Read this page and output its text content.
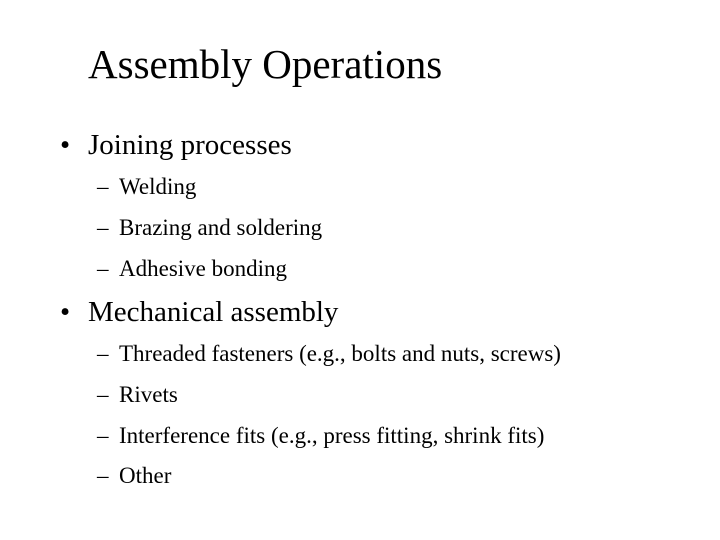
Assembly Operations
• Joining processes
– Welding
– Brazing and soldering
– Adhesive bonding
• Mechanical assembly
– Threaded fasteners (e.g., bolts and nuts, screws)
– Rivets
– Interference fits (e.g., press fitting, shrink fits)
– Other
